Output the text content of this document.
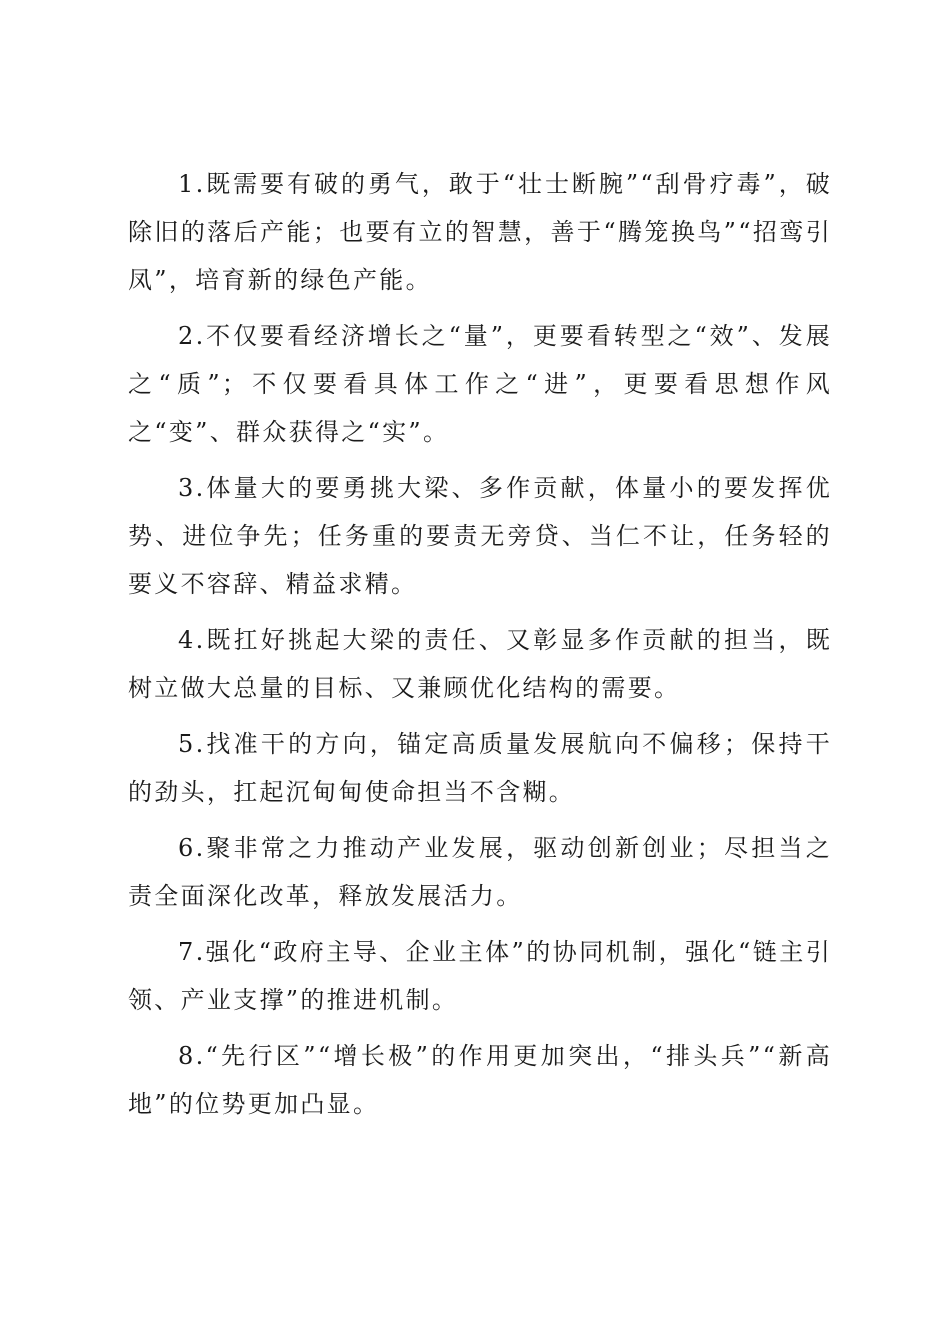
1.既需要有破的勇气，敢于“壮士断腕”“刮骨疗毒”，破除旧的落后产能；也要有立的智慧，善于“腾笼换鸟”“招鸾引凤”，培育新的绿色产能。

2.不仅要看经济增长之“量”，更要看转型之“效”、发展之“质”；不仅要看具体工作之“进”，更要看思想作风之“变”、群众获得之“实”。

3.体量大的要勇挑大梁、多作贡献，体量小的要发挥优势、进位争先；任务重的要责无旁贷、当仁不让，任务轻的要义不容辞、精益求精。

4.既扛好挑起大梁的责任、又彰显多作贡献的担当，既树立做大总量的目标、又兼顾优化结构的需要。

5.找准干的方向，锚定高质量发展航向不偏移；保持干的劲头，扛起沉甸甸使命担当不含糊。

6.聚非常之力推动产业发展，驱动创新创业；尽担当之责全面深化改革，释放发展活力。

7.强化“政府主导、企业主体”的协同机制，强化“链主引领、产业支撑”的推进机制。

8.“先行区”“增长极”的作用更加突出，“排头兵”“新高地”的位势更加凸显。
